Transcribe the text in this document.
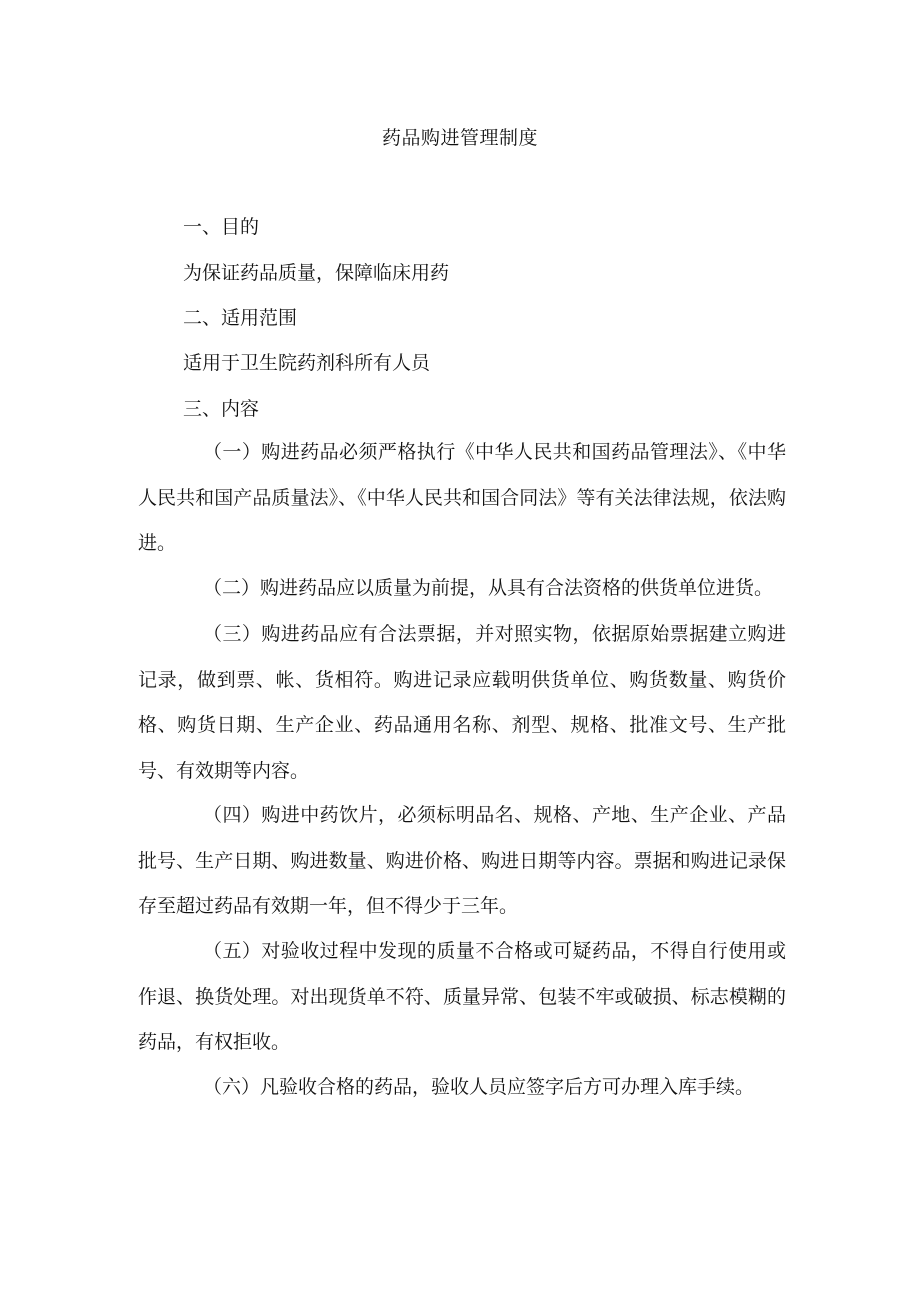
药品购进管理制度
一、目的
为保证药品质量，保障临床用药
二、适用范围
适用于卫生院药剂科所有人员
三、内容

（一）购进药品必须严格执行《中华人民共和国药品管理法》、《中华人民共和国产品质量法》、《中华人民共和国合同法》等有关法律法规，依法购进。

（二）购进药品应以质量为前提，从具有合法资格的供货单位进货。

（三）购进药品应有合法票据，并对照实物，依据原始票据建立购进记录，做到票、帐、货相符。购进记录应载明供货单位、购货数量、购货价格、购货日期、生产企业、药品通用名称、剂型、规格、批准文号、生产批号、有效期等内容。

（四）购进中药饮片，必须标明品名、规格、产地、生产企业、产品批号、生产日期、购进数量、购进价格、购进日期等内容。票据和购进记录保存至超过药品有效期一年，但不得少于三年。

（五）对验收过程中发现的质量不合格或可疑药品，不得自行使用或作退、换货处理。对出现货单不符、质量异常、包装不牢或破损、标志模糊的药品，有权拒收。

（六）凡验收合格的药品，验收人员应签字后方可办理入库手续。
